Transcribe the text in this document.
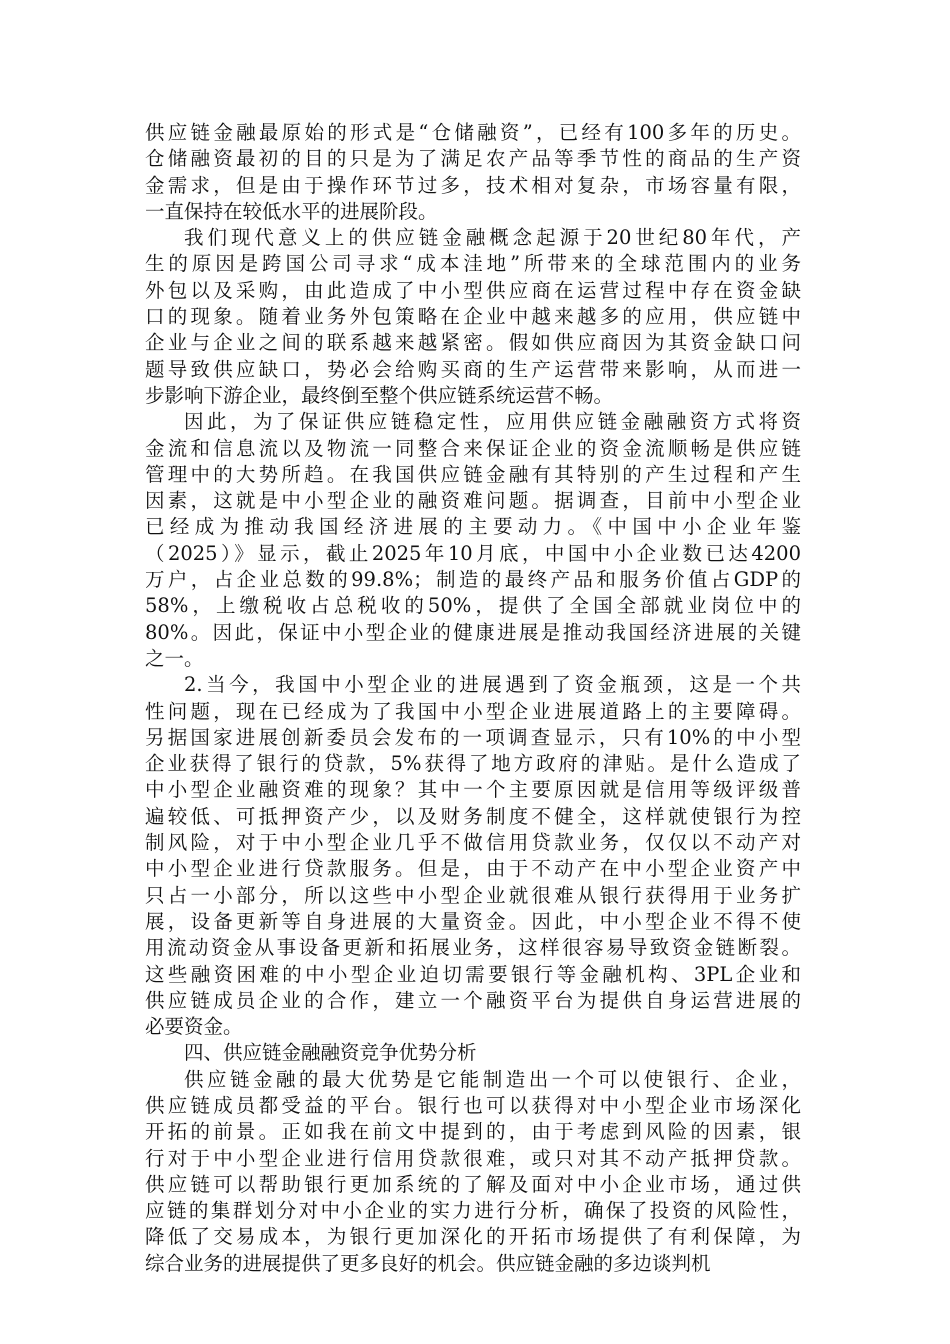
供应链金融最原始的形式是“仓储融资”，已经有100多年的历史。
仓储融资最初的目的只是为了满足农产品等季节性的商品的生产资
金需求，但是由于操作环节过多，技术相对复杂，市场容量有限，
一直保持在较低水平的进展阶段。
我们现代意义上的供应链金融概念起源于20世纪80年代，产
生的原因是跨国公司寻求“成本洼地”所带来的全球范围内的业务
外包以及采购，由此造成了中小型供应商在运营过程中存在资金缺
口的现象。随着业务外包策略在企业中越来越多的应用，供应链中
企业与企业之间的联系越来越紧密。假如供应商因为其资金缺口问
题导致供应缺口，势必会给购买商的生产运营带来影响，从而进一
步影响下游企业，最终倒至整个供应链系统运营不畅。
因此，为了保证供应链稳定性，应用供应链金融融资方式将资
金流和信息流以及物流一同整合来保证企业的资金流顺畅是供应链
管理中的大势所趋。在我国供应链金融有其特别的产生过程和产生
因素，这就是中小型企业的融资难问题。据调查，目前中小型企业
已经成为推动我国经济进展的主要动力。《中国中小企业年鉴
（2025）》显示，截止2025年10月底，中国中小企业数已达4200
万户，占企业总数的99.8%；制造的最终产品和服务价值占GDP的
58%，上缴税收占总税收的50%，提供了全国全部就业岗位中的
80%。因此，保证中小型企业的健康进展是推动我国经济进展的关键
之一。
2.当今，我国中小型企业的进展遇到了资金瓶颈，这是一个共
性问题，现在已经成为了我国中小型企业进展道路上的主要障碍。
另据国家进展创新委员会发布的一项调查显示，只有10%的中小型
企业获得了银行的贷款，5%获得了地方政府的津贴。是什么造成了
中小型企业融资难的现象？其中一个主要原因就是信用等级评级普
遍较低、可抵押资产少，以及财务制度不健全，这样就使银行为控
制风险，对于中小型企业几乎不做信用贷款业务，仅仅以不动产对
中小型企业进行贷款服务。但是，由于不动产在中小型企业资产中
只占一小部分，所以这些中小型企业就很难从银行获得用于业务扩
展，设备更新等自身进展的大量资金。因此，中小型企业不得不使
用流动资金从事设备更新和拓展业务，这样很容易导致资金链断裂。
这些融资困难的中小型企业迫切需要银行等金融机构、3PL企业和
供应链成员企业的合作，建立一个融资平台为提供自身运营进展的
必要资金。
四、供应链金融融资竞争优势分析
供应链金融的最大优势是它能制造出一个可以使银行、企业，
供应链成员都受益的平台。银行也可以获得对中小型企业市场深化
开拓的前景。正如我在前文中提到的，由于考虑到风险的因素，银
行对于中小型企业进行信用贷款很难，或只对其不动产抵押贷款。
供应链可以帮助银行更加系统的了解及面对中小企业市场，通过供
应链的集群划分对中小企业的实力进行分析，确保了投资的风险性，
降低了交易成本，为银行更加深化的开拓市场提供了有利保障，为
综合业务的进展提供了更多良好的机会。供应链金融的多边谈判机
